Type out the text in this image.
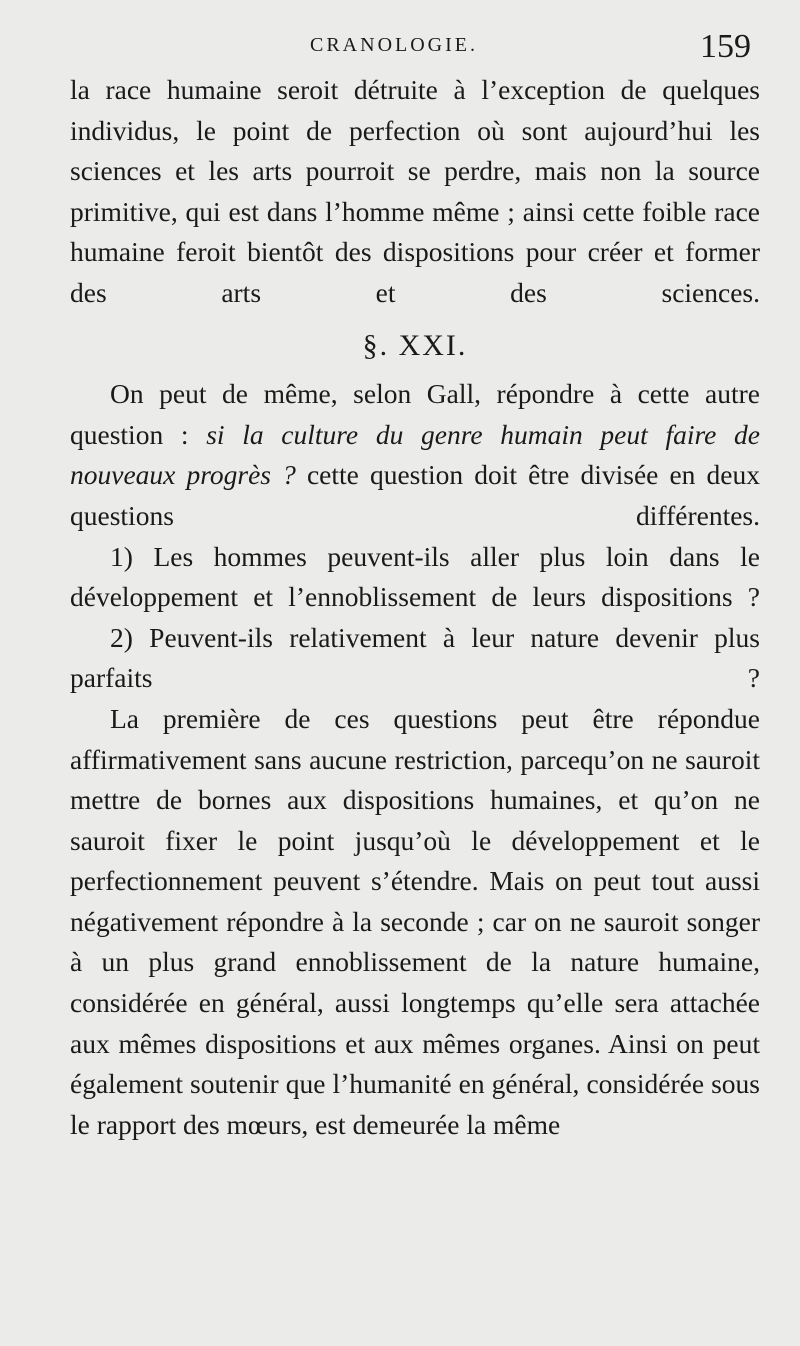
CRANOLOGIE.	159

la race humaine seroit détruite à l’exception de quelques individus, le point de perfection où sont aujourd’hui les sciences et les arts pourroit se perdre, mais non la source primitive, qui est dans l’homme même ; ainsi cette foible race humaine feroit bientôt des dispositions pour créer et former des arts et des sciences.

§. XXI.

On peut de même, selon Gall, répondre à cette autre question : si la culture du genre humain peut faire de nouveaux progrès ? cette question doit être divisée en deux questions différentes.

1) Les hommes peuvent-ils aller plus loin dans le développement et l’ennoblissement de leurs dispositions ?

2) Peuvent-ils relativement à leur nature devenir plus parfaits ?

La première de ces questions peut être répondue affirmativement sans aucune restriction, parcequ’on ne sauroit mettre de bornes aux dispositions humaines, et qu’on ne sauroit fixer le point jusqu’où le développement et le perfectionnement peuvent s’étendre. Mais on peut tout aussi négativement répondre à la seconde ; car on ne sauroit songer à un plus grand ennoblissement de la nature humaine, considérée en général, aussi longtemps qu’elle sera attachée aux mêmes dispositions et aux mêmes organes. Ainsi on peut également soutenir que l’humanité en général, considérée sous le rapport des mœurs, est demeurée la même
